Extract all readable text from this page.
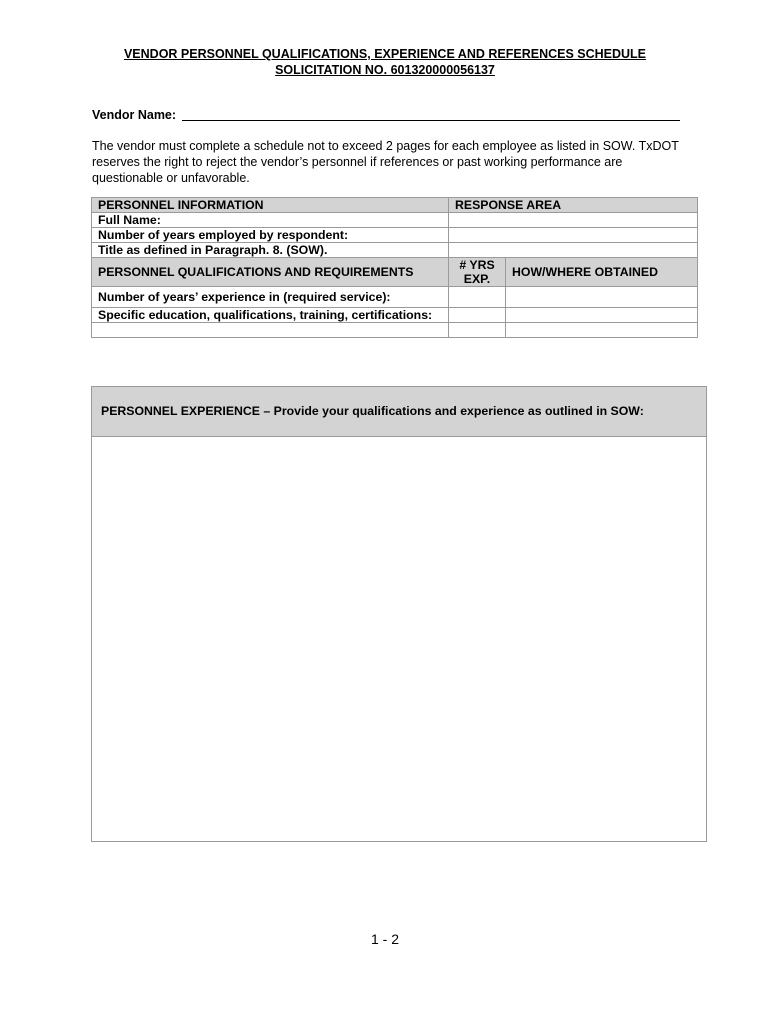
VENDOR PERSONNEL QUALIFICATIONS, EXPERIENCE AND REFERENCES SCHEDULE
SOLICITATION NO. 601320000056137
Vendor Name:
The vendor must complete a schedule not to exceed 2 pages for each employee as listed in SOW. TxDOT reserves the right to reject the vendor’s personnel if references or past working performance are questionable or unfavorable.
PERSONNEL INFORMATION	RESPONSE AREA	
Full Name:		
Number of years employed by respondent:		
Title as defined in Paragraph. 8. (SOW).		
PERSONNEL QUALIFICATIONS AND REQUIREMENTS	# YRS EXP.	HOW/WHERE OBTAINED
Number of years’ experience in (required service):		
Specific education, qualifications, training, certifications:		

PERSONNEL EXPERIENCE – Provide your qualifications and experience as outlined in SOW:
1 - 2
